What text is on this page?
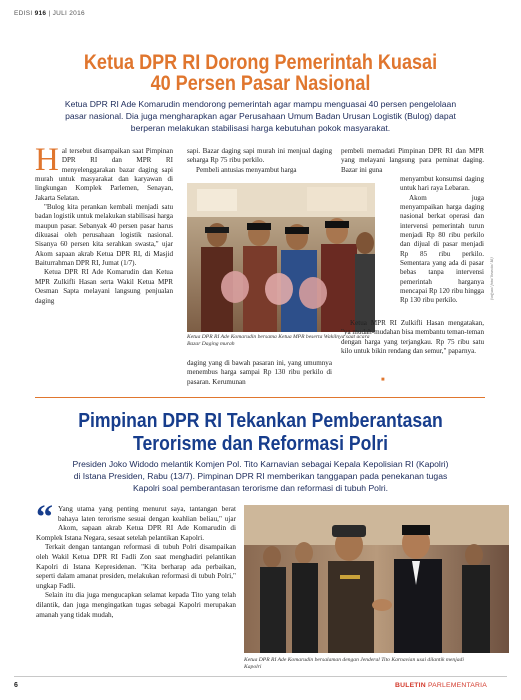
EDISI 916 | JULI 2016
Ketua DPR RI Dorong Pemerintah Kuasai
40 Persen Pasar Nasional
Ketua DPR RI Ade Komarudin mendorong pemerintah agar mampu menguasai 40 persen pengelolaan
pasar nasional. Dia juga mengharapkan agar Perusahaan Umum Badan Urusan Logistik (Bulog) dapat
berperan melakukan stabilisasi harga kebutuhan pokok masyarakat.
H al tersebut disampaikan saat Pimpinan DPR RI dan MPR RI menyelenggarakan bazar daging sapi murah untuk masyarakat dan karyawan di lingkungan Komplek Parlemen, Senayan, Jakarta Selatan.

"Bulog kita perankan kembali menjadi satu badan logistik untuk melakukan stabilisasi harga maupun pasar. Sebanyak 40 persen pasar harus dikuasai oleh perusahaan logistik nasional. Sisanya 60 persen kita serahkan swasta," ujar Akom sapaan akrab Ketua DPR RI, di Masjid Baiturrahman DPR RI, Jumat (1/7).

Ketua DPR RI Ade Komarudin dan Ketua MPR Zulkifli Hasan serta Wakil Ketua MPR Oesman Sapta melayani langsung penjualan daging

sapi. Bazar daging sapi murah ini menjual daging seharga Rp 75 ribu perkilo.

Pembeli antusias menyambut harga

pembeli memadati Pimpinan DPR RI dan MPR yang melayani langsung para peminat daging. Bazar ini guna

Ketua DPR RI Ade Komarudin bersama Ketua MPR beserta Wakilnya saat acara Bazar Daging murah

daging yang di bawah pasaran ini, yang umumnya menembus harga sampai Rp 130 ribu perkilo di pasaran. Kerumunan

menyambut konsumsi daging untuk hari raya Lebaran.

Akom juga menyampaikan harga daging nasional berkat operasi dan intervensi pemerintah turun menjadi Rp 80 ribu perkilo dan dijual di pasar menjadi Rp 85 ribu perkilo. Sementara yang ada di pasar bebas tanpa intervensi pemerintah harganya mencapai Rp 120 ribu hingga Rp 130 ribu perkilo.

Ketua MPR RI Zulkifli Hasan mengatakan, "ya mudah-mudahan bisa membantu teman-teman dengan harga yang terjangkau. Rp 75 ribu satu kilo untuk bikin rendang dan semur," paparnya.

■
(sofyan/ foto/ beawin/ kk)
Pimpinan DPR RI Tekankan Pemberantasan
Terorisme dan Reformasi Polri
Presiden Joko Widodo melantik Komjen Pol. Tito Karnavian sebagai Kepala Kepolisian RI (Kapolri)
di Istana Presiden, Rabu (13/7). Pimpinan DPR RI memberikan tanggapan pada penekanan tugas
Kapolri soal pemberantasan terorisme dan reformasi di tubuh Polri.
“ Yang utama yang penting menurut saya, tantangan berat bahaya laten terorisme sesuai dengan keahlian beliau," ujar Akom, sapaan akrab Ketua DPR RI Ade Komarudin di Komplek Istana Negara, sesaat setelah pelantikan Kapolri.

Terkait dengan tantangan reformasi di tubuh Polri disampaikan oleh Wakil Ketua DPR RI Fadli Zon saat menghadiri pelantikan Kapolri di Istana Kepresidenan. "Kita berharap ada perbaikan, seperti dalam amanat presiden, melakukan reformasi di tubuh Polri," ungkap Fadli.

Selain itu dia juga mengucapkan selamat kepada Tito yang telah dilantik, dan juga mengingatkan tugas sebagai Kapolri merupakan amanah yang tidak mudah,

Ketua DPR RI Ade Komarudin bersalaman dengan Jenderal Tito Karnavian usai dilantik menjadi Kapolri
6	BULETIN PARLEMENTARIA
